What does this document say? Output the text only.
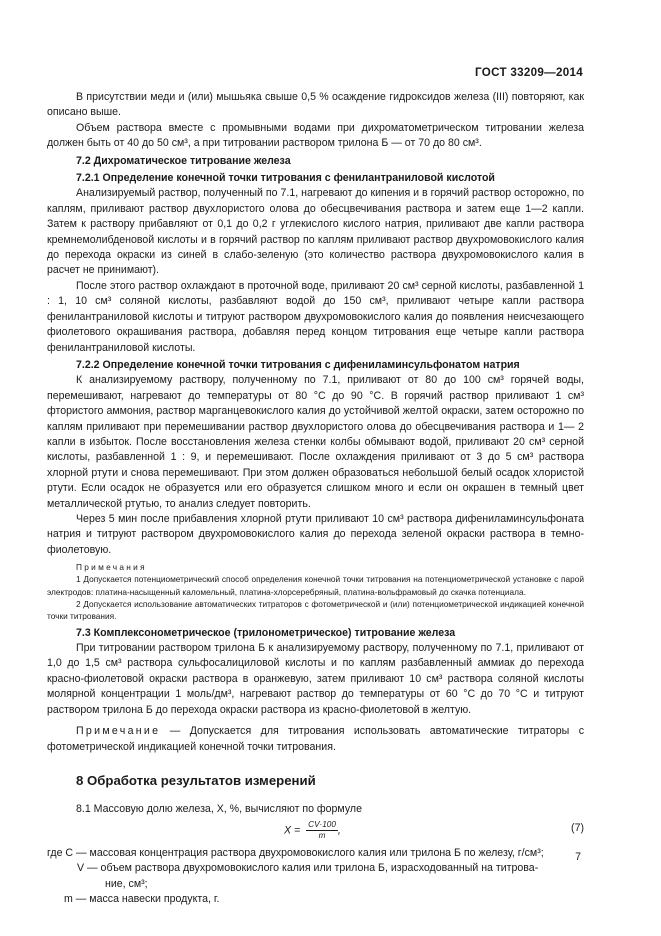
ГОСТ 33209—2014

В присутствии меди и (или) мышьяка свыше 0,5 % осаждение гидроксидов железа (III) повторяют, как описано выше.

Объем раствора вместе с промывными водами при дихроматометрическом титровании железа должен быть от 40 до 50 см³, а при титровании раствором трилона Б — от 70 до 80 см³.

7.2 Дихроматическое титрование железа

7.2.1 Определение конечной точки титрования с фенилантраниловой кислотой

Анализируемый раствор, полученный по 7.1, нагревают до кипения и в горячий раствор осторожно, по каплям, приливают раствор двухлористого олова до обесцвечивания раствора и затем еще 1—2 капли. Затем к раствору прибавляют от 0,1 до 0,2 г углекислого кислого натрия, приливают две капли раствора кремнемолибденовой кислоты и в горячий раствор по каплям приливают раствор двухромовокислого калия до перехода окраски из синей в слабо-зеленую (это количество раствора двухромовокислого калия в расчет не принимают).

После этого раствор охлаждают в проточной воде, приливают 20 см³ серной кислоты, разбавленной 1 : 1, 10 см³ соляной кислоты, разбавляют водой до 150 см³, приливают четыре капли раствора фенилантраниловой кислоты и титруют раствором двухромовокислого калия до появления неисчезающего фиолетового окрашивания раствора, добавляя перед концом титрования еще четыре капли раствора фенилантраниловой кислоты.

7.2.2 Определение конечной точки титрования с дифениламинсульфонатом натрия

К анализируемому раствору, полученному по 7.1, приливают от 80 до 100 см³ горячей воды, перемешивают, нагревают до температуры от 80 °С до 90 °С. В горячий раствор приливают 1 см³ фтористого аммония, раствор марганцевокислого калия до устойчивой желтой окраски, затем осторожно по каплям приливают при перемешивании раствор двухлористого олова до обесцвечивания раствора и 1— 2 капли в избыток. После восстановления железа стенки колбы обмывают водой, приливают 20 см³ серной кислоты, разбавленной 1 : 9, и перемешивают. После охлаждения приливают от 3 до 5 см³ раствора хлорной ртути и снова перемешивают. При этом должен образоваться небольшой белый осадок хлористой ртути. Если осадок не образуется или его образуется слишком много и если он окрашен в темный цвет металлической ртутью, то анализ следует повторить.

Через 5 мин после прибавления хлорной ртути приливают 10 см³ раствора дифениламинсульфоната натрия и титруют раствором двухромовокислого калия до перехода зеленой окраски раствора в темно-фиолетовую.

Примечания

1 Допускается потенциометрический способ определения конечной точки титрования на потенциометрической установке с парой электродов: платина-насыщенный каломельный, платина-хлорсеребряный, платина-вольфрамовый до скачка потенциала.

2 Допускается использование автоматических титраторов с фотометрической и (или) потенциометрической индикацией конечной точки титрования.

7.3 Комплексонометрическое (трилонометрическое) титрование железа

При титровании раствором трилона Б к анализируемому раствору, полученному по 7.1, приливают от 1,0 до 1,5 см³ раствора сульфосалициловой кислоты и по каплям разбавленный аммиак до перехода красно-фиолетовой окраски раствора в оранжевую, затем приливают 10 см³ раствора соляной кислоты молярной концентрации 1 моль/дм³, нагревают раствор до температуры от 60 °С до 70 °С и титруют раствором трилона Б до перехода окраски раствора из красно-фиолетовой в желтую.

Примечание — Допускается для титрования использовать автоматические титраторы с фотометрической индикацией конечной точки титрования.

8 Обработка результатов измерений

8.1 Массовую долю железа, X, %, вычисляют по формуле

$X = \frac{CV\cdot 100}{m}$ ,	(7)

где C — массовая концентрация раствора двухромовокислого калия или трилона Б по железу, г/см³;

V — объем раствора двухромовокислого калия или трилона Б, израсходованный на титрова-

ние, см³;

m — масса навески продукта, г.

7
